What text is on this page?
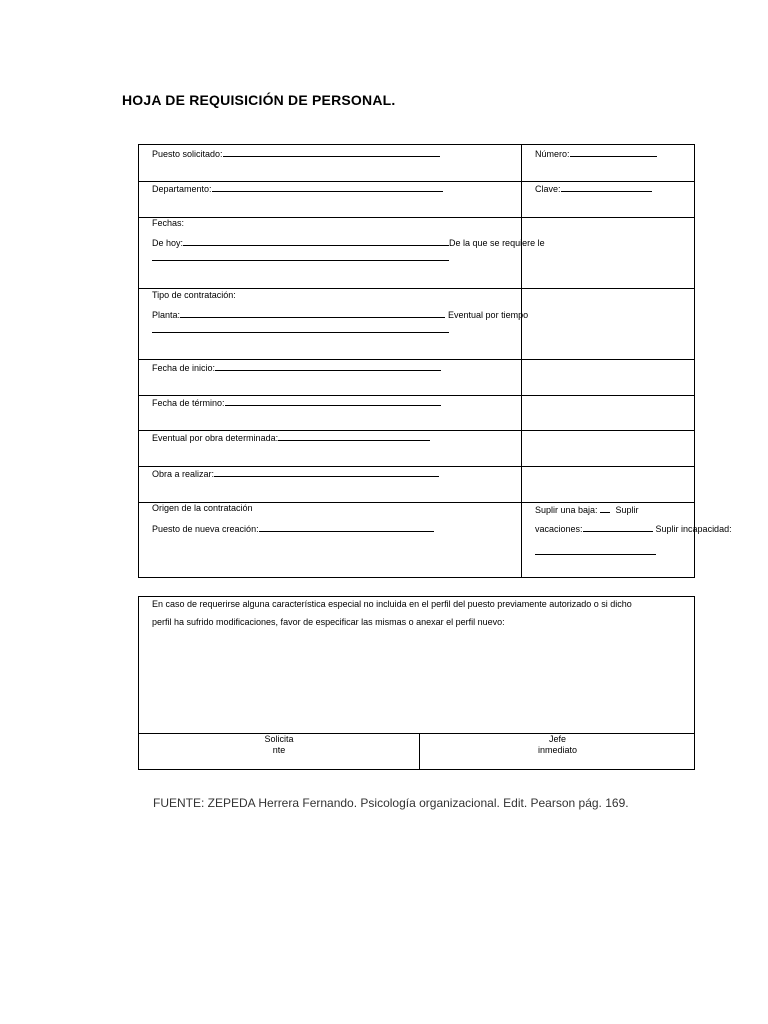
HOJA DE REQUISICIÓN DE PERSONAL.
Puesto solicitado:	Número:
Departamento:	Clave:
Fechas:
De hoy:	De la que se requiere le
Tipo de contratación:
Planta:	Eventual por tiempo
Fecha de inicio:
Fecha de término:
Eventual por obra determinada:
Obra a realizar:
Origen de la contratación
Puesto de nueva creación:
Suplir una baja: Suplir
vacaciones:	Suplir incapacidad:
En caso de requerirse alguna característica especial no incluida en el perfil del puesto previamente autorizado o si dicho
perfil ha sufrido modificaciones, favor de especificar las mismas o anexar el perfil nuevo:
Solicita
nte
Jefe
inmediato
FUENTE: ZEPEDA Herrera Fernando. Psicología organizacional. Edit. Pearson pág. 169.
